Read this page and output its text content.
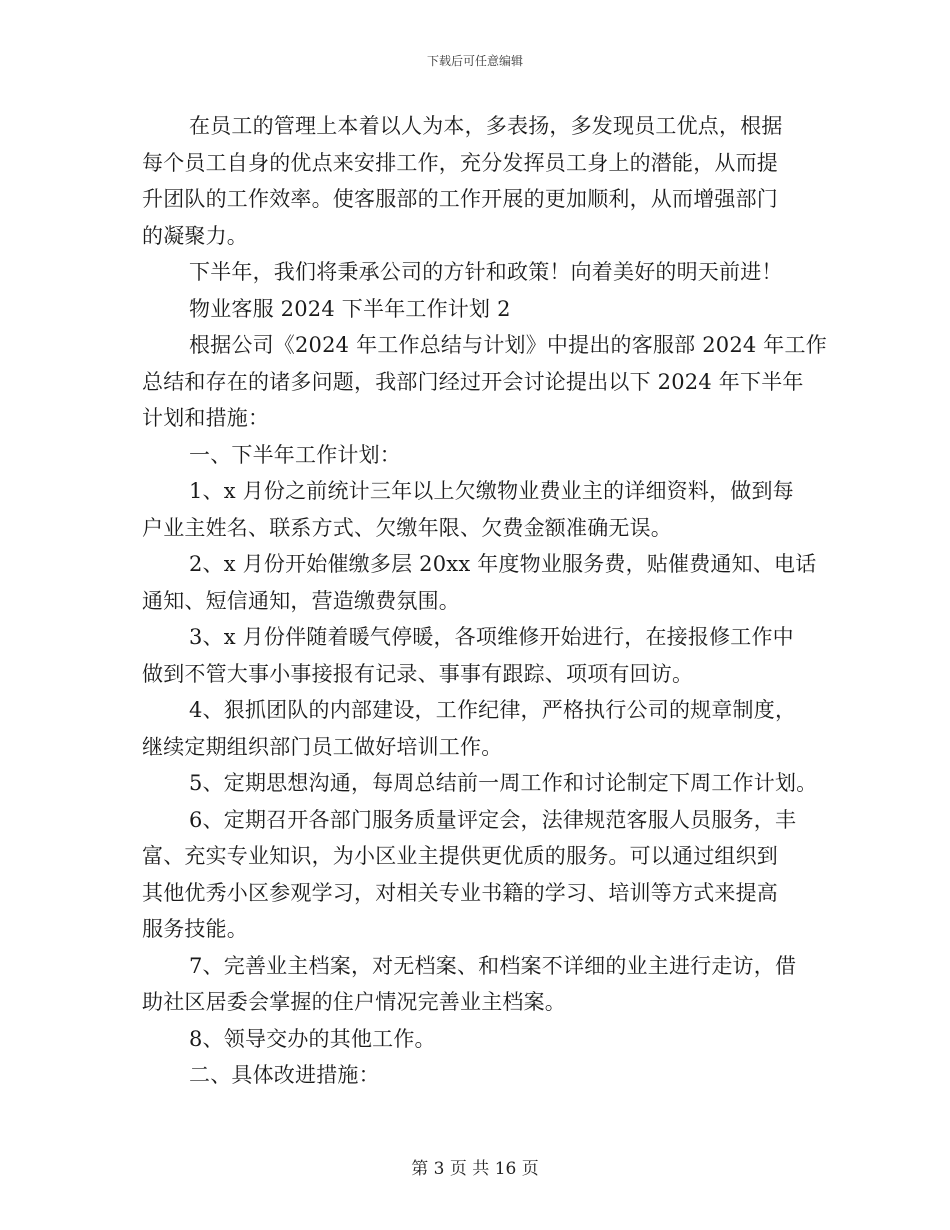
下载后可任意编辑
在员工的管理上本着以人为本，多表扬，多发现员工优点，根据
每个员工自身的优点来安排工作，充分发挥员工身上的潜能，从而提
升团队的工作效率。使客服部的工作开展的更加顺利，从而增强部门
的凝聚力。
下半年，我们将秉承公司的方针和政策！向着美好的明天前进！
物业客服 2024 下半年工作计划 2
根据公司《2024 年工作总结与计划》中提出的客服部 2024 年工作
总结和存在的诸多问题，我部门经过开会讨论提出以下 2024 年下半年
计划和措施：
一、下半年工作计划：
1、x 月份之前统计三年以上欠缴物业费业主的详细资料，做到每
户业主姓名、联系方式、欠缴年限、欠费金额准确无误。
2、x 月份开始催缴多层 20xx 年度物业服务费，贴催费通知、电话
通知、短信通知，营造缴费氛围。
3、x 月份伴随着暖气停暖，各项维修开始进行，在接报修工作中
做到不管大事小事接报有记录、事事有跟踪、项项有回访。
4、狠抓团队的内部建设，工作纪律，严格执行公司的规章制度，
继续定期组织部门员工做好培训工作。
5、定期思想沟通，每周总结前一周工作和讨论制定下周工作计划。
6、定期召开各部门服务质量评定会，法律规范客服人员服务，丰
富、充实专业知识，为小区业主提供更优质的服务。可以通过组织到
其他优秀小区参观学习，对相关专业书籍的学习、培训等方式来提高
服务技能。
7、完善业主档案，对无档案、和档案不详细的业主进行走访，借
助社区居委会掌握的住户情况完善业主档案。
8、领导交办的其他工作。
二、具体改进措施：
第 3 页 共 16 页
